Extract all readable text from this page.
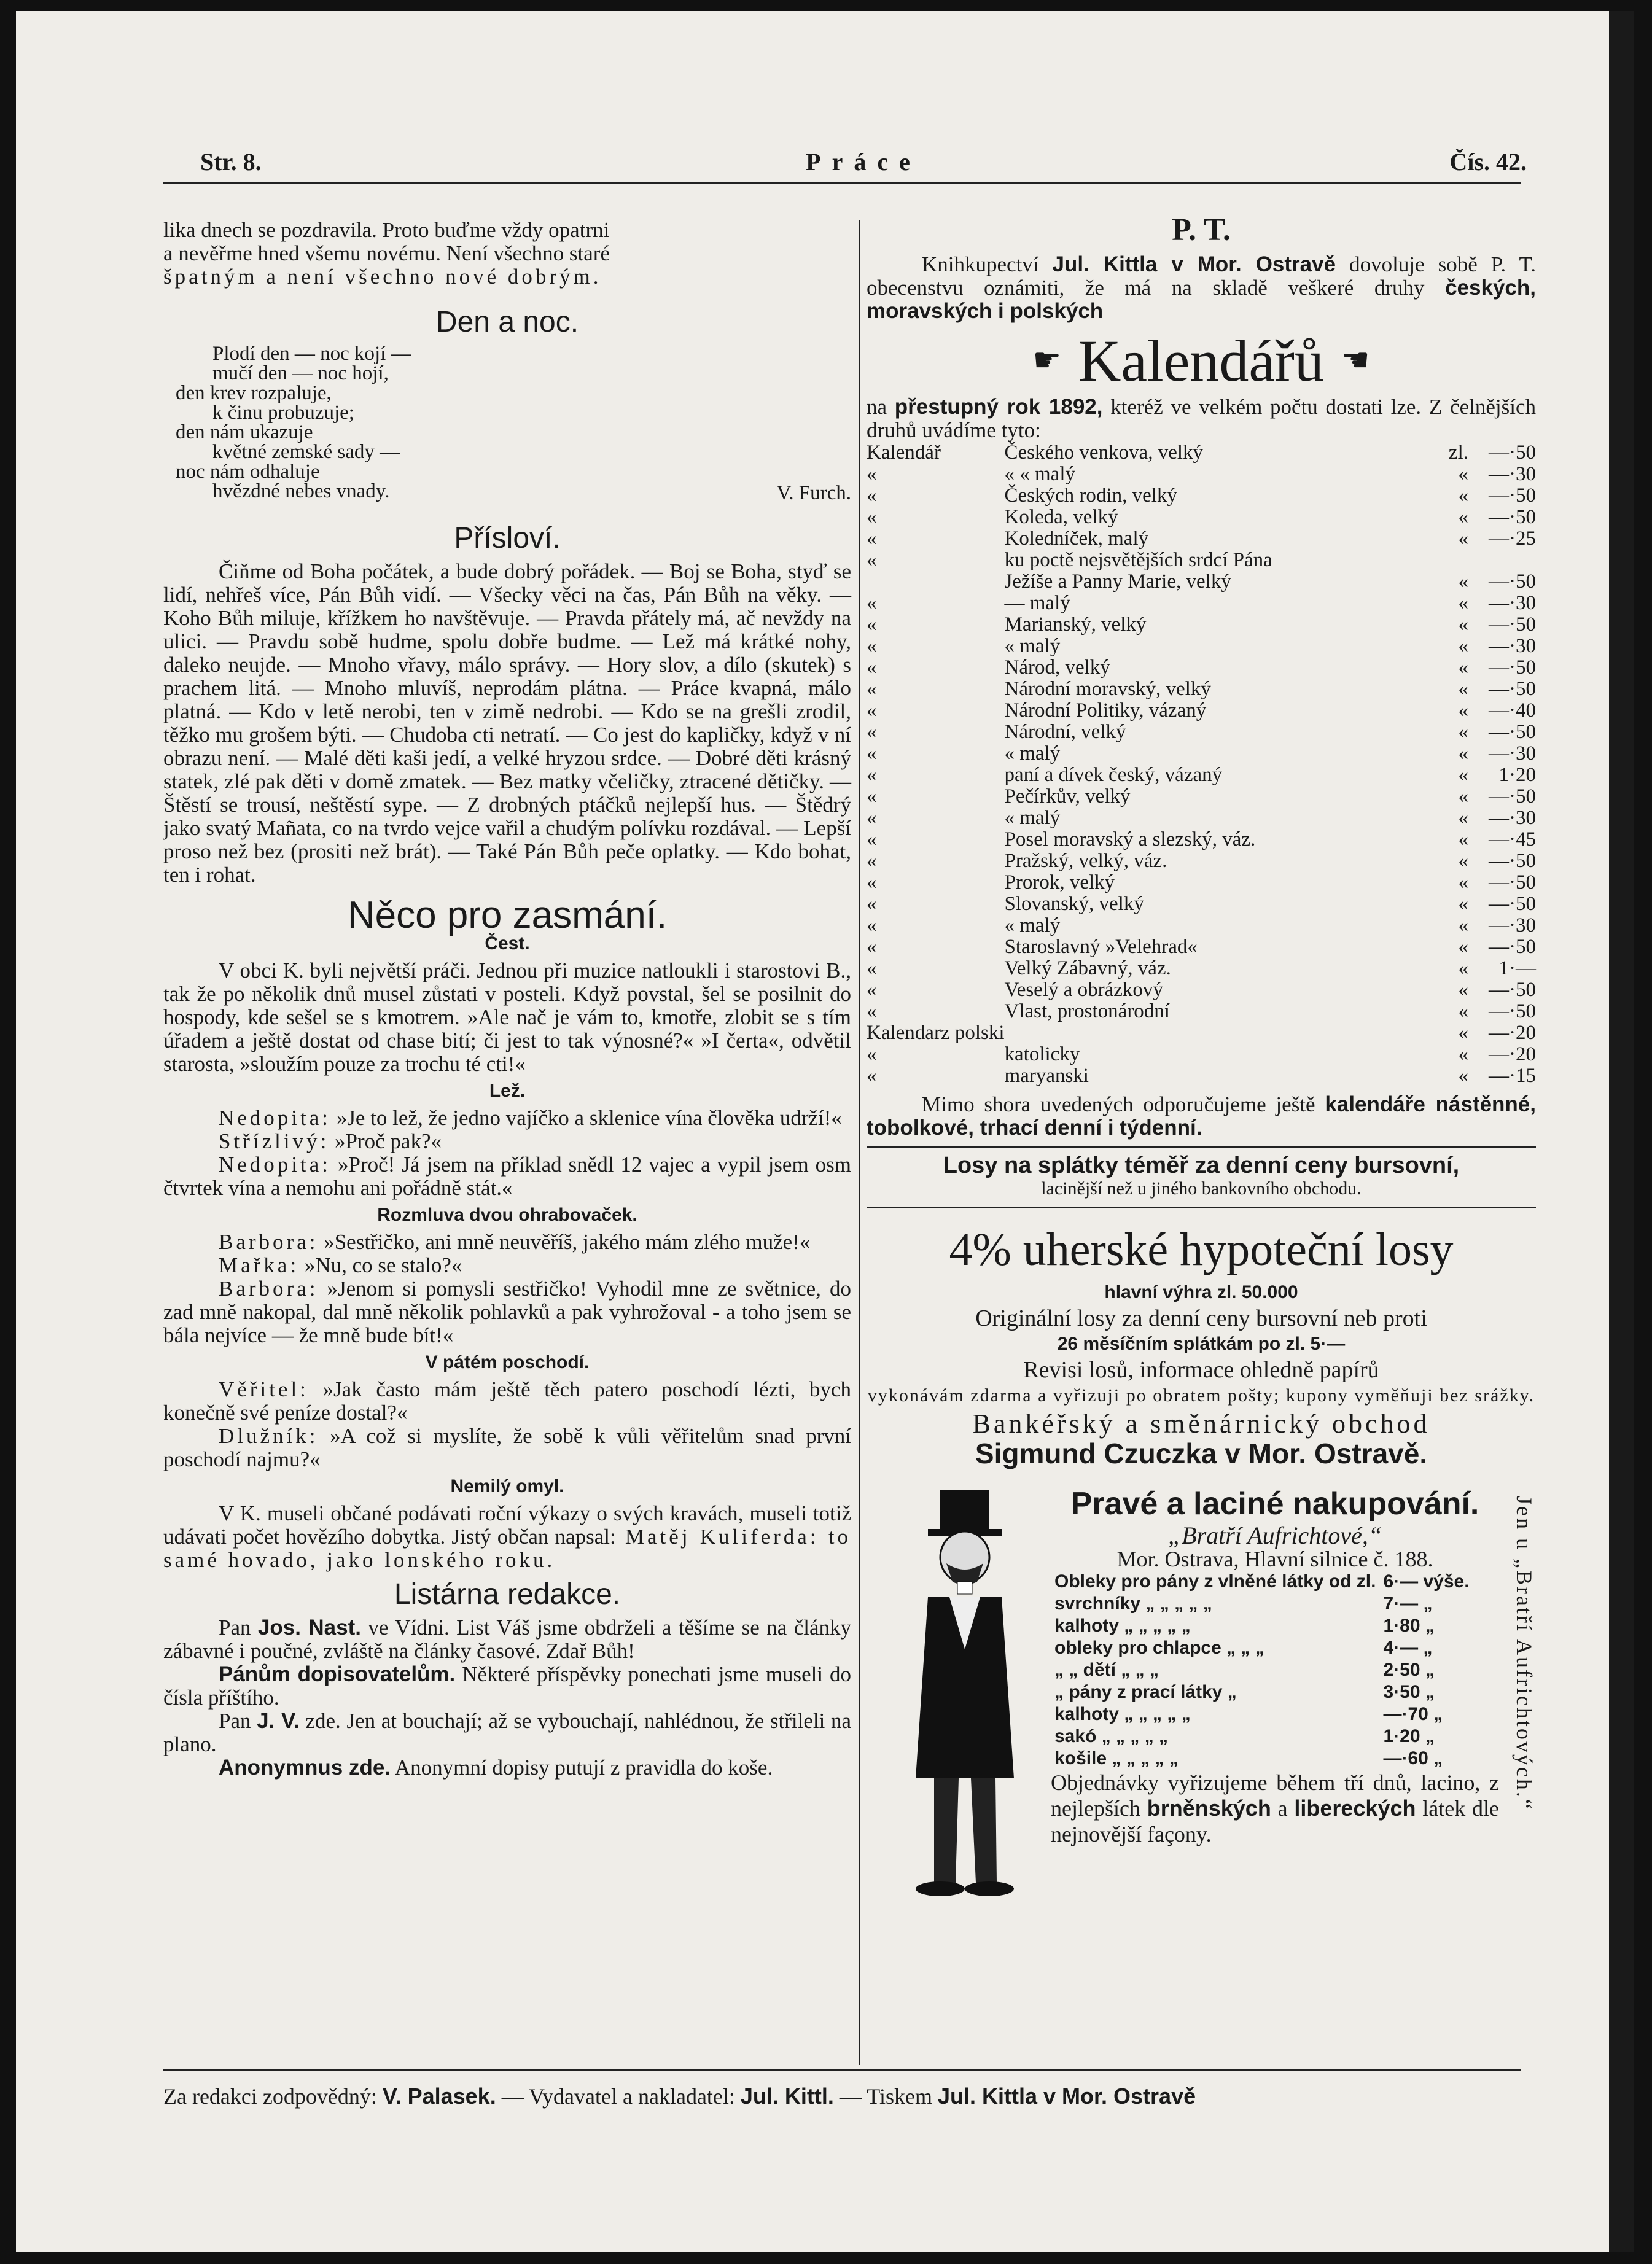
Str. 8.	Práce	Čís. 42.

lika dnech se pozdravila. Proto buďme vždy opatrni

a nevěřme hned všemu novému. Není všechno staré

špatným a není všechno nové dobrým.

Den a noc.
Plodí den — noc kojí —
mučí den — noc hojí,
den krev rozpaluje,
k činu probuzuje;
den nám ukazuje
květné zemské sady —
noc nám odhaluje
hvězdné nebes vnady.	V. Furch.

Přísloví.

Čiňme od Boha počátek, a bude dobrý pořádek. — Boj se Boha, styď se lidí, nehřeš více, Pán Bůh vidí. — Všecky věci na čas, Pán Bůh na věky. — Koho Bůh miluje, křížkem ho navštěvuje. — Pravda přátely má, ač nevždy na ulici. — Pravdu sobě hudme, spolu dobře budme. — Lež má krátké nohy, daleko neujde. — Mnoho vřavy, málo správy. — Hory slov, a dílo (skutek) s prachem litá. — Mnoho mluvíš, neprodám plátna. — Práce kvapná, málo platná. — Kdo v letě nerobi, ten v zimě nedrobi. — Kdo se na grešli zrodil, těžko mu grošem býti. — Chudoba cti netratí. — Co jest do kapličky, když v ní obrazu není. — Malé děti kaši jedí, a velké hryzou srdce. — Dobré děti krásný statek, zlé pak děti v domě zmatek. — Bez matky včeličky, ztracené dětičky. — Štěstí se trousí, neštěstí sype. — Z drobných ptáčků nejlepší hus. — Štědrý jako svatý Mañata, co na tvrdo vejce vařil a chudým polívku rozdával. — Lepší proso než bez (prositi než brát). — Také Pán Bůh peče oplatky. — Kdo bohat, ten i rohat.

Něco pro zasmání.
Čest.

V obci K. byli největší práči. Jednou při muzice natloukli i starostovi B., tak že po několik dnů musel zůstati v posteli. Když povstal, šel se posilnit do hospody, kde sešel se s kmotrem. »Ale nač je vám to, kmotře, zlobit se s tím úřadem a ještě dostat od chase bití; či jest to tak výnosné?« »I čerta«, odvětil starosta, »sloužím pouze za trochu té cti!«

Lež.

Nedopita: »Je to lež, že jedno vajíčko a sklenice vína člověka udrží!«

Střízlivý: »Proč pak?«

Nedopita: »Proč! Já jsem na příklad snědl 12 vajec a vypil jsem osm čtvrtek vína a nemohu ani pořádně stát.«

Rozmluva dvou ohrabovaček.

Barbora: »Sestřičko, ani mně neuvěříš, jakého mám zlého muže!«

Mařka: »Nu, co se stalo?«

Barbora: »Jenom si pomysli sestřičko! Vyhodil mne ze světnice, do zad mně nakopal, dal mně několik pohlavků a pak vyhrožoval - a toho jsem se bála nejvíce — že mně bude bít!«

V pátém poschodí.

Věřitel: »Jak často mám ještě těch patero poschodí lézti, bych konečně své peníze dostal?«

Dlužník: »A což si myslíte, že sobě k vůli věřitelům snad první poschodí najmu?«

Nemilý omyl.

V K. museli občané podávati roční výkazy o svých kravách, museli totiž udávati počet hovězího dobytka. Jistý občan napsal: Matěj Kuliferda: to samé hovado, jako lonského roku.

Listárna redakce.

Pan Jos. Nast. ve Vídni. List Váš jsme obdrželi a těšíme se na články zábavné i poučné, zvláště na články časové. Zdař Bůh!

Pánům dopisovatelům. Některé příspěvky ponechati jsme museli do čísla příštího.

Pan J. V. zde. Jen at bouchají; až se vybouchají, nahlédnou, že střileli na plano.

Anonymnus zde. Anonymní dopisy putují z pravidla do koše.

P. T.

Knihkupectví Jul. Kittla v Mor. Ostravě dovoluje sobě P. T. obecenstvu oznámiti, že má na skladě veškeré druhy českých, moravských i polských

☛ Kalendářů ☚

na přestupný rok 1892, kteréž ve velkém počtu dostati lze. Z čelnějších druhů uvádíme tyto:

Kalendář	Českého venkova, velký	zl.	—·50
«	« « malý	«	—·30
«	Českých rodin, velký	«	—·50
«	Koleda, velký	«	—·50
«	Koledníček, malý	«	—·25
«	ku poctě nejsvětějších srdcí Pána		
	Ježíše a Panny Marie, velký	«	—·50
«	— malý	«	—·30
«	Marianský, velký	«	—·50
«	« malý	«	—·30
«	Národ, velký	«	—·50
«	Národní moravský, velký	«	—·50
«	Národní Politiky, vázaný	«	—·40
«	Národní, velký	«	—·50
«	« malý	«	—·30
«	paní a dívek český, vázaný	«	1·20
«	Pečírkův, velký	«	—·50
«	« malý	«	—·30
«	Posel moravský a slezský, váz.	«	—·45
«	Pražský, velký, váz.	«	—·50
«	Prorok, velký	«	—·50
«	Slovanský, velký	«	—·50
«	« malý	«	—·30
«	Staroslavný »Velehrad«	«	—·50
«	Velký Zábavný, váz.	«	1·—
«	Veselý a obrázkový	«	—·50
«	Vlast, prostonárodní	«	—·50
Kalendarz polski		«	—·20
«	katolicky	«	—·20
«	maryanski	«	—·15

Mimo shora uvedených odporučujeme ještě kalendáře nástěnné, tobolkové, trhací denní i týdenní.

Losy na splátky téměř za denní ceny bursovní,

lacinější než u jiného bankovního obchodu.

4% uherské hypoteční losy

hlavní výhra zl. 50.000

Originální losy za denní ceny bursovní neb proti

26 měsíčním splátkám po zl. 5·—

Revisi losů, informace ohledně papírů

vykonávám zdarma a vyřizuji po obratem pošty; kupony vyměňuji bez srážky.

Bankéřský a směnárnický obchod

Sigmund Czuczka v Mor. Ostravě.

Pravé a laciné nakupování.

„Bratří Aufrichtové,“

Mor. Ostrava, Hlavní silnice č. 188.

Obleky pro pány z vlněné látky od zl.	6·— výše.
svrchníky „ „ „ „ „	7·— „
kalhoty „ „ „ „ „	1·80 „
obleky pro chlapce „ „ „	4·— „
„ „ dětí „ „ „	2·50 „
„ pány z prací látky „	3·50 „
kalhoty „ „ „ „ „	—·70 „
sakó „ „ „ „ „	1·20 „
košile „ „ „ „ „	—·60 „

Objednávky vyřizujeme během tří dnů, lacino, z nejlepších brněnských a libereckých látek dle nejnovější façony.

Jen u „Bratří Aufrichtových.“
Za redakci zodpovědný: V. Palasek. — Vydavatel a nakladatel: Jul. Kittl. — Tiskem Jul. Kittla v Mor. Ostravě
